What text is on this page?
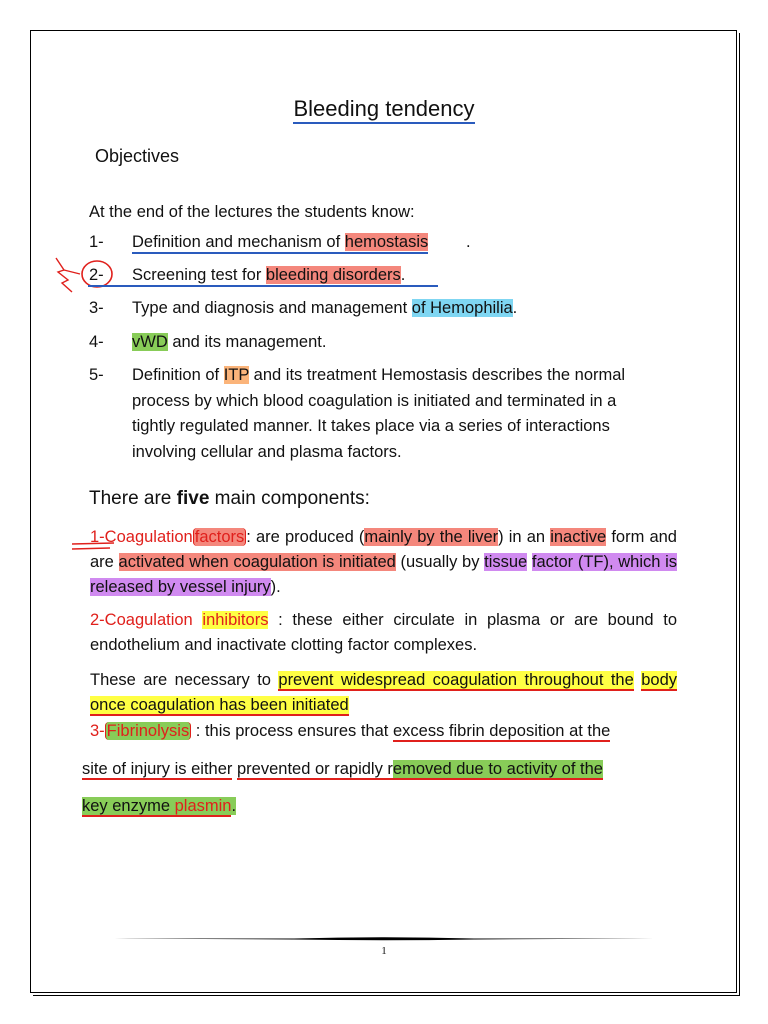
Bleeding tendency
Objectives
At the end of the lectures the students know:
1- Definition and mechanism of hemostasis .
2- Screening test for bleeding disorders.
3- Type and diagnosis and management of Hemophilia.
4- vWD and its management.
5- Definition of ITP and its treatment Hemostasis describes the normal
process by which blood coagulation is initiated and terminated in a
tightly regulated manner. It takes place via a series of interactions
involving cellular and plasma factors.
There are five main components:
1-Coagulation factors : are produced (mainly by the liver) in an inactive form and are activated when coagulation is initiated (usually by tissue factor (TF), which is released by vessel injury).
2-Coagulation inhibitors : these either circulate in plasma or are bound to endothelium and inactivate clotting factor complexes.
These are necessary to prevent widespread coagulation throughout the body once coagulation has been initiated
3- Fibrinolysis : this process ensures that excess fibrin deposition at the
site of injury is either prevented or rapidly removed due to activity of the
key enzyme plasmin.
1
